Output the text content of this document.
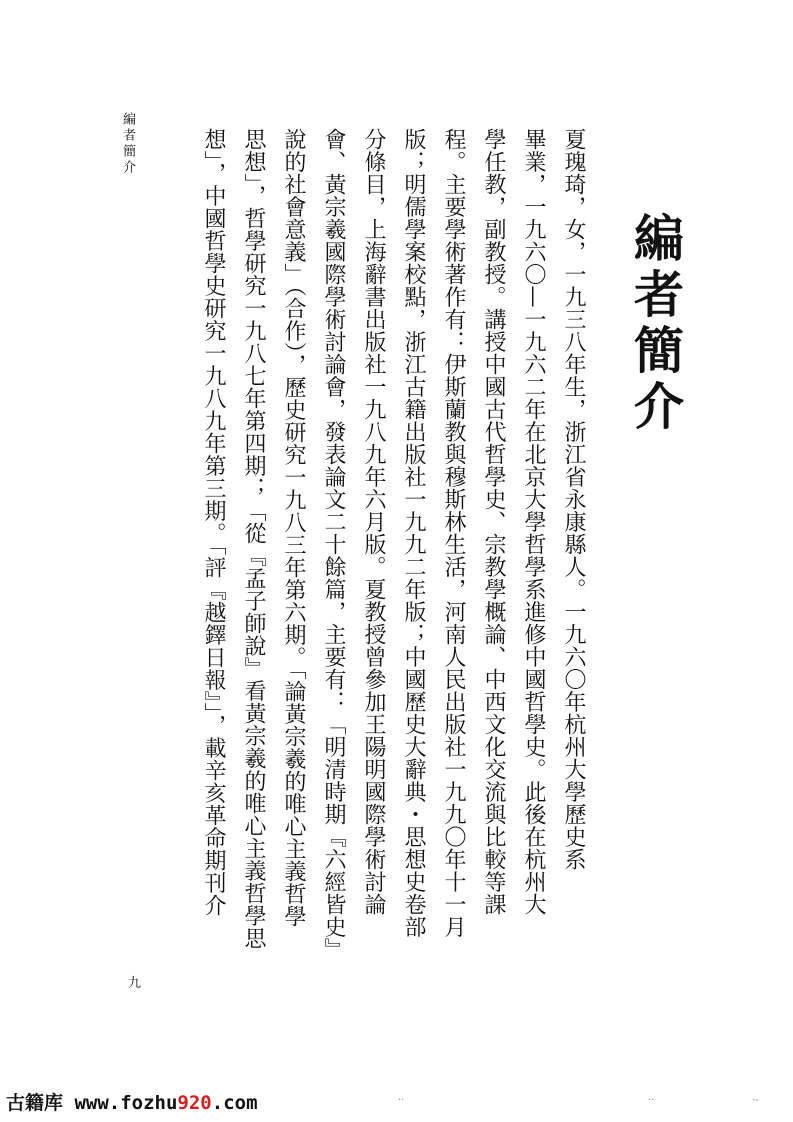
編者簡介
編者簡介	夏瑰琦，女，一九三八年生，浙江省永康縣人。一九六〇年杭州大學歷史系
畢業，一九六〇—一九六二年在北京大學哲學系進修中國哲學史。此後在杭州大
學任教，副教授。講授中國古代哲學史、宗教學概論、中西文化交流與比較等課
程。主要學術著作有：伊斯蘭教與穆斯林生活，河南人民出版社一九九〇年十一月
版；明儒學案校點，浙江古籍出版社一九九二年版；中國歷史大辭典・思想史卷部
分條目，上海辭書出版社一九八九年六月版。夏教授曾參加王陽明國際學術討論
會、黃宗羲國際學術討論會，發表論文二十餘篇，主要有：「明清時期『六經皆史』
說的社會意義」（合作），歷史研究一九八三年第六期。「論黃宗羲的唯心主義哲學
思想」，哲學研究一九八七年第四期；「從『孟子師說』看黃宗羲的唯心主義哲學思
想」，中國哲學史研究一九八九年第三期。「評『越鐸日報』」，載辛亥革命期刊介
九
古籍库 www.fozhu920.com	··	··	·-
